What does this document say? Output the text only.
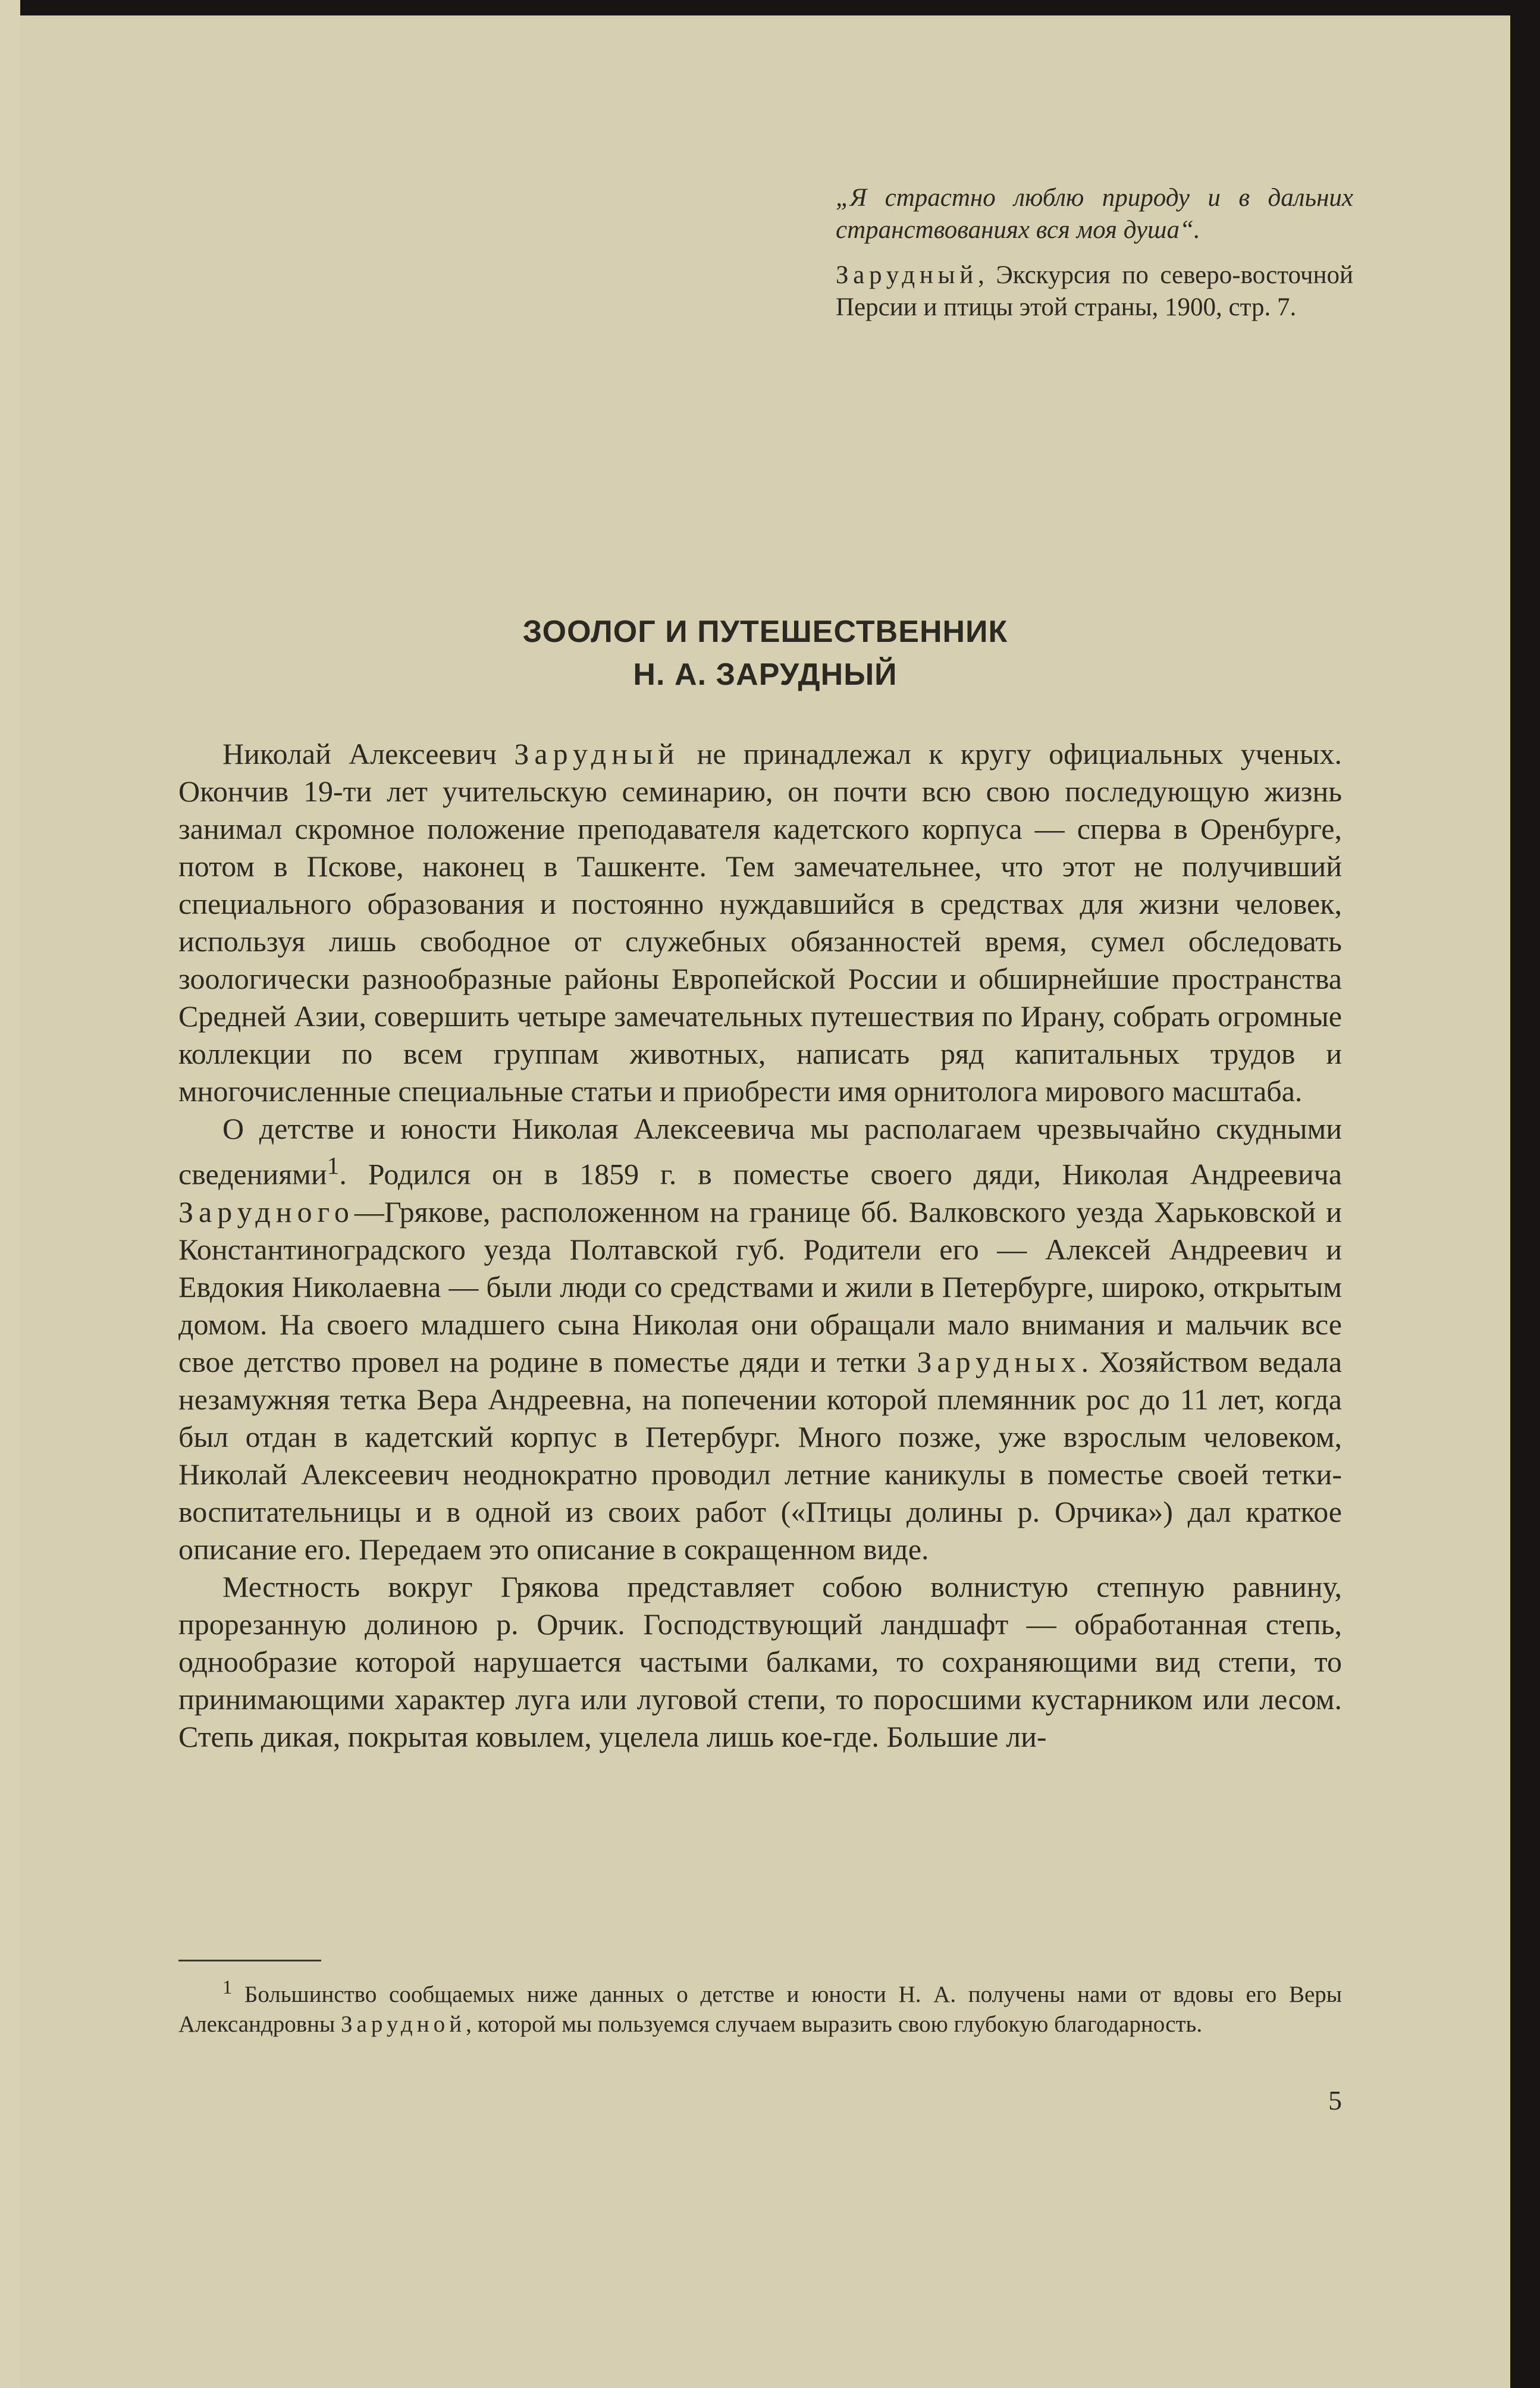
„Я страстно люблю природу и в дальних странствованиях вся моя душа“.

Зарудный, Экскурсия по северо-восточной Персии и птицы этой страны, 1900, стр. 7.

ЗООЛОГ И ПУТЕШЕСТВЕННИК
Н. А. ЗАРУДНЫЙ

Николай Алексеевич Зарудный не принадлежал к кругу официальных ученых. Окончив 19-ти лет учительскую семинарию, он почти всю свою последующую жизнь занимал скромное положение преподавателя кадетского корпуса — сперва в Оренбурге, потом в Пскове, наконец в Ташкенте. Тем замечательнее, что этот не получивший специального образования и постоянно нуждавшийся в средствах для жизни человек, используя лишь свободное от служебных обязанностей время, сумел обследовать зоологически разнообразные районы Европейской России и обширнейшие пространства Средней Азии, совершить четыре замечательных путешествия по Ирану, собрать огромные коллекции по всем группам животных, написать ряд капитальных трудов и многочисленные специальные статьи и приобрести имя орнитолога мирового масштаба.

О детстве и юности Николая Алексеевича мы располагаем чрезвычайно скудными сведениями$^1$. Родился он в 1859 г. в поместье своего дяди, Николая Андреевича Зарудного—Грякове, расположенном на границе бб. Валковского уезда Харьковской и Константиноградского уезда Полтавской губ. Родители его — Алексей Андреевич и Евдокия Николаевна — были люди со средствами и жили в Петербурге, широко, открытым домом. На своего младшего сына Николая они обращали мало внимания и мальчик все свое детство провел на родине в поместье дяди и тетки Зарудных. Хозяйством ведала незамужняя тетка Вера Андреевна, на попечении которой племянник рос до 11 лет, когда был отдан в кадетский корпус в Петербург. Много позже, уже взрослым человеком, Николай Алексеевич неоднократно проводил летние каникулы в поместье своей тетки-воспитательницы и в одной из своих работ («Птицы долины р. Орчика») дал краткое описание его. Передаем это описание в сокращенном виде.

Местность вокруг Грякова представляет собою волнистую степную равнину, прорезанную долиною р. Орчик. Господствующий ландшафт — обработанная степь, однообразие которой нарушается частыми балками, то сохраняющими вид степи, то принимающими характер луга или луговой степи, то поросшими кустарником или лесом. Степь дикая, покрытая ковылем, уцелела лишь кое-где. Большие ли-

$^1$ Большинство сообщаемых ниже данных о детстве и юности Н. А. получены нами от вдовы его Веры Александровны Зарудной, которой мы пользуемся случаем выразить свою глубокую благодарность.
5
